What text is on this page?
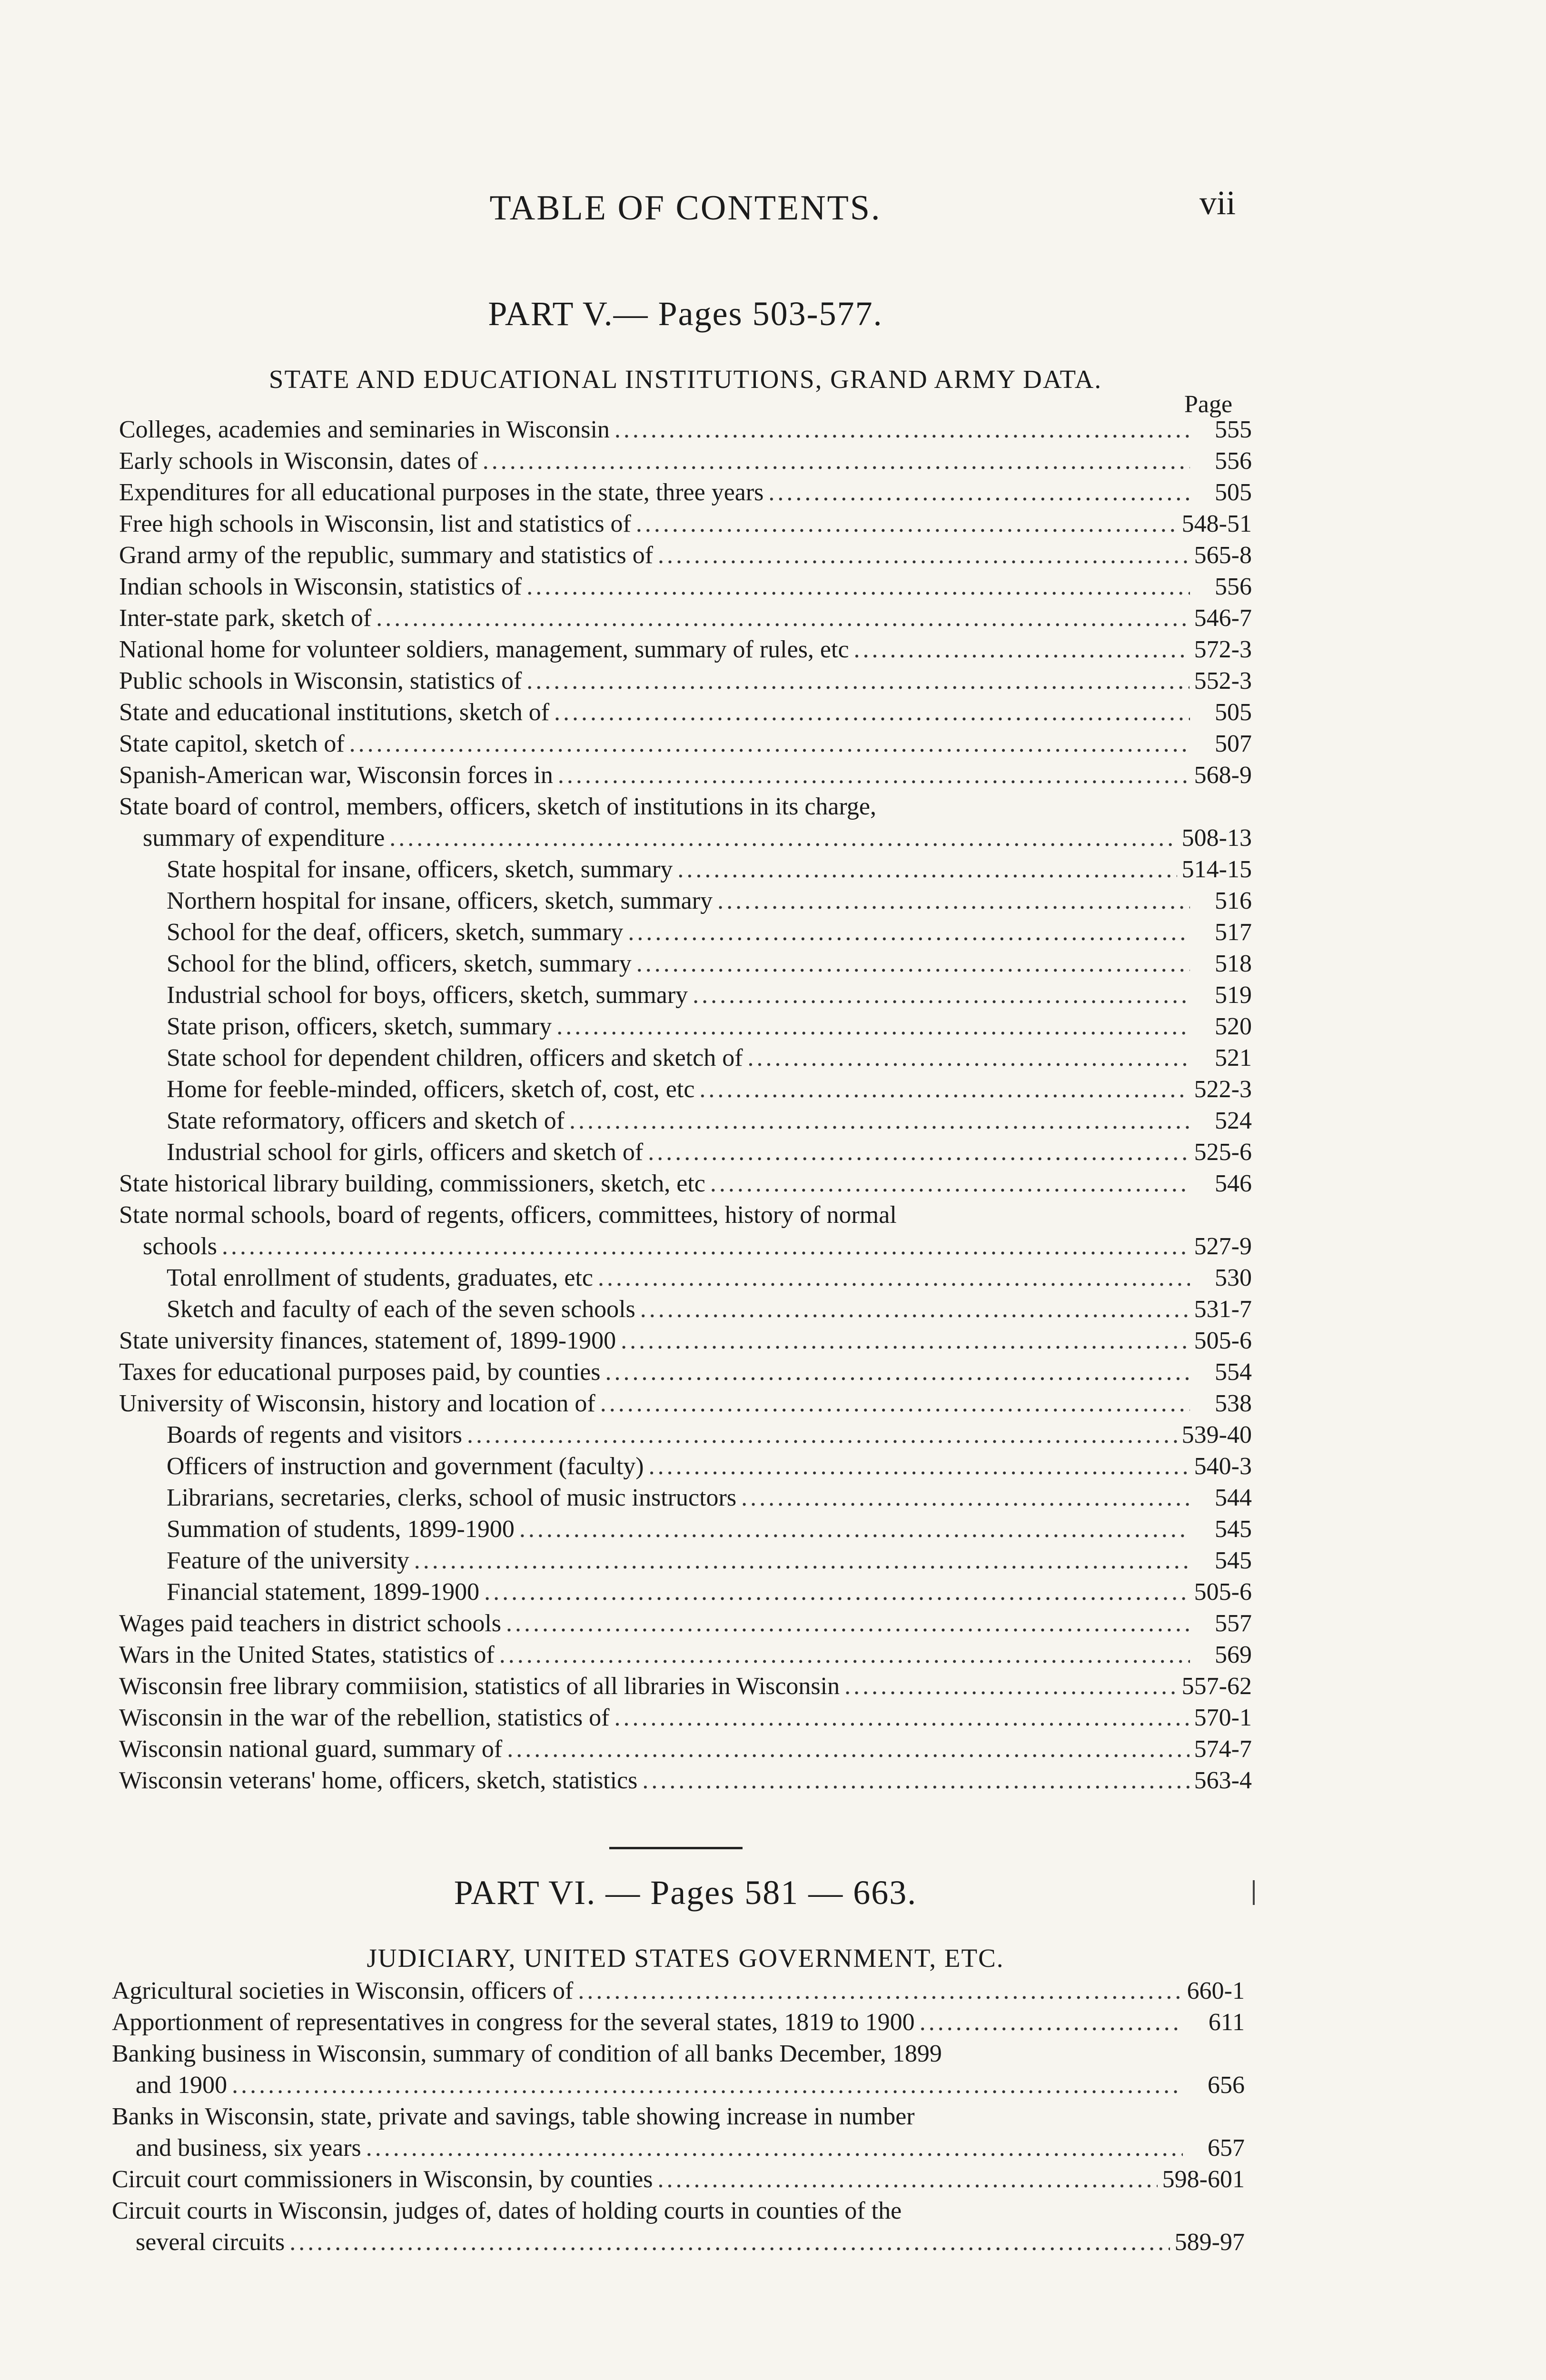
TABLE OF CONTENTS.	vii
PART V.— Pages 503-577.
STATE AND EDUCATIONAL INSTITUTIONS, GRAND ARMY DATA.
Page
Colleges, academies and seminaries in Wisconsin .....	555
Early schools in Wisconsin, dates of .....	556
Expenditures for all educational purposes in the state, three years .....	505
Free high schools in Wisconsin, list and statistics of .....	548-51
Grand army of the republic, summary and statistics of .....	565-8
Indian schools in Wisconsin, statistics of .....	556
Inter-state park, sketch of .....	546-7
National home for volunteer soldiers, management, summary of rules, etc .....	572-3
Public schools in Wisconsin, statistics of .....	552-3
State and educational institutions, sketch of .....	505
State capitol, sketch of .....	507
Spanish-American war, Wisconsin forces in .....	568-9
State board of control, members, officers, sketch of institutions in its charge,
summary of expenditure .....	508-13
State hospital for insane, officers, sketch, summary .....	514-15
Northern hospital for insane, officers, sketch, summary .....	516
School for the deaf, officers, sketch, summary .....	517
School for the blind, officers, sketch, summary .....	518
Industrial school for boys, officers, sketch, summary .....	519
State prison, officers, sketch, summary .....	520
State school for dependent children, officers and sketch of .....	521
Home for feeble-minded, officers, sketch of, cost, etc .....	522-3
State reformatory, officers and sketch of .....	524
Industrial school for girls, officers and sketch of .....	525-6
State historical library building, commissioners, sketch, etc .....	546
State normal schools, board of regents, officers, committees, history of normal
schools .....	527-9
Total enrollment of students, graduates, etc .....	530
Sketch and faculty of each of the seven schools .....	531-7
State university finances, statement of, 1899-1900 .....	505-6
Taxes for educational purposes paid, by counties .....	554
University of Wisconsin, history and location of .....	538
Boards of regents and visitors .....	539-40
Officers of instruction and government (faculty) .....	540-3
Librarians, secretaries, clerks, school of music instructors .....	544
Summation of students, 1899-1900 .....	545
Feature of the university .....	545
Financial statement, 1899-1900 .....	505-6
Wages paid teachers in district schools .....	557
Wars in the United States, statistics of .....	569
Wisconsin free library commiision, statistics of all libraries in Wisconsin .....	557-62
Wisconsin in the war of the rebellion, statistics of .....	570-1
Wisconsin national guard, summary of .....	574-7
Wisconsin veterans' home, officers, sketch, statistics .....	563-4
PART VI. — Pages 581 — 663.
JUDICIARY, UNITED STATES GOVERNMENT, ETC.
Agricultural societies in Wisconsin, officers of .....	660-1
Apportionment of representatives in congress for the several states, 1819 to 1900 .....	611
Banking business in Wisconsin, summary of condition of all banks December, 1899
and 1900 .....	656
Banks in Wisconsin, state, private and savings, table showing increase in number
and business, six years .....	657
Circuit court commissioners in Wisconsin, by counties .....	598-601
Circuit courts in Wisconsin, judges of, dates of holding courts in counties of the
several circuits .....	589-97
